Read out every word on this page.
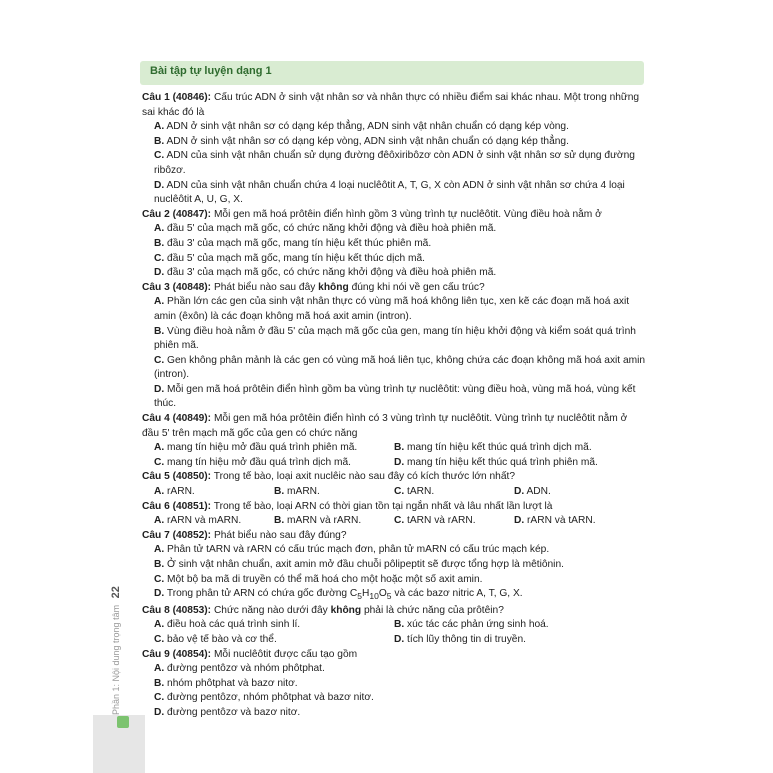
Bài tập tự luyện dạng 1

Câu 1 (40846): Cấu trúc ADN ở sinh vật nhân sơ và nhân thực có nhiều điểm sai khác nhau. Một trong những sai khác đó là

A. ADN ở sinh vật nhân sơ có dạng kép thẳng, ADN sinh vật nhân chuẩn có dạng kép vòng.

B. ADN ở sinh vật nhân sơ có dạng kép vòng, ADN sinh vật nhân chuẩn có dạng kép thẳng.

C. ADN của sinh vật nhân chuẩn sử dụng đường đêôxiribôzơ còn ADN ở sinh vật nhân sơ sử dụng đường ribôzơ.

D. ADN của sinh vật nhân chuẩn chứa 4 loại nuclêôtit A, T, G, X còn ADN ở sinh vật nhân sơ chứa 4 loại nuclêôtit A, U, G, X.

Câu 2 (40847): Mỗi gen mã hoá prôtêin điển hình gồm 3 vùng trình tự nuclêôtit. Vùng điều hoà nằm ở

A. đầu 5' của mạch mã gốc, có chức năng khởi động và điều hoà phiên mã.

B. đầu 3' của mạch mã gốc, mang tín hiệu kết thúc phiên mã.

C. đầu 5' của mạch mã gốc, mang tín hiệu kết thúc dịch mã.

D. đầu 3' của mạch mã gốc, có chức năng khởi động và điều hoà phiên mã.

Câu 3 (40848): Phát biểu nào sau đây không đúng khi nói về gen cấu trúc?

A. Phần lớn các gen của sinh vật nhân thực có vùng mã hoá không liên tục, xen kẽ các đoạn mã hoá axit amin (êxôn) là các đoạn không mã hoá axit amin (intron).

B. Vùng điều hoà nằm ở đầu 5' của mạch mã gốc của gen, mang tín hiệu khởi động và kiểm soát quá trình phiên mã.

C. Gen không phân mảnh là các gen có vùng mã hoá liên tục, không chứa các đoạn không mã hoá axit amin (intron).

D. Mỗi gen mã hoá prôtêin điển hình gồm ba vùng trình tự nuclêôtit: vùng điều hoà, vùng mã hoá, vùng kết thúc.

Câu 4 (40849): Mỗi gen mã hóa prôtêin điển hình có 3 vùng trình tự nuclêôtit. Vùng trình tự nuclêôtit nằm ở đầu 5' trên mạch mã gốc của gen có chức năng

A. mang tín hiệu mở đầu quá trình phiên mã.	B. mang tín hiệu kết thúc quá trình dịch mã.
C. mang tín hiệu mở đầu quá trình dịch mã.	D. mang tín hiệu kết thúc quá trình phiên mã.

Câu 5 (40850): Trong tế bào, loại axit nuclêic nào sau đây có kích thước lớn nhất?

A. rARN.	B. mARN.	C. tARN.	D. ADN.

Câu 6 (40851): Trong tế bào, loại ARN có thời gian tồn tại ngắn nhất và lâu nhất lần lượt là

A. rARN và mARN.	B. mARN và rARN.	C. tARN và rARN.	D. rARN và tARN.

Câu 7 (40852): Phát biểu nào sau đây đúng?

A. Phân tử tARN và rARN có cấu trúc mạch đơn, phân tử mARN có cấu trúc mạch kép.

B. Ở sinh vật nhân chuẩn, axit amin mở đầu chuỗi pôlipeptit sẽ được tổng hợp là mêtiônin.

C. Một bộ ba mã di truyền có thể mã hoá cho một hoặc một số axit amin.

D. Trong phân tử ARN có chứa gốc đường $C_5H_{10}O_5$ và các bazơ nitric A, T, G, X.

Câu 8 (40853): Chức năng nào dưới đây không phải là chức năng của prôtêin?

A. điều hoà các quá trình sinh lí.	B. xúc tác các phản ứng sinh hoá.
C. bảo vệ tế bào và cơ thể.	D. tích lũy thông tin di truyền.

Câu 9 (40854): Mỗi nuclêôtit được cấu tạo gồm

A. đường pentôzơ và nhóm phôtphat.

B. nhóm phôtphat và bazơ nitơ.

C. đường pentôzơ, nhóm phôtphat và bazơ nitơ.

D. đường pentôzơ và bazơ nitơ.

Phần 1: Nội dung trọng tâm 22
